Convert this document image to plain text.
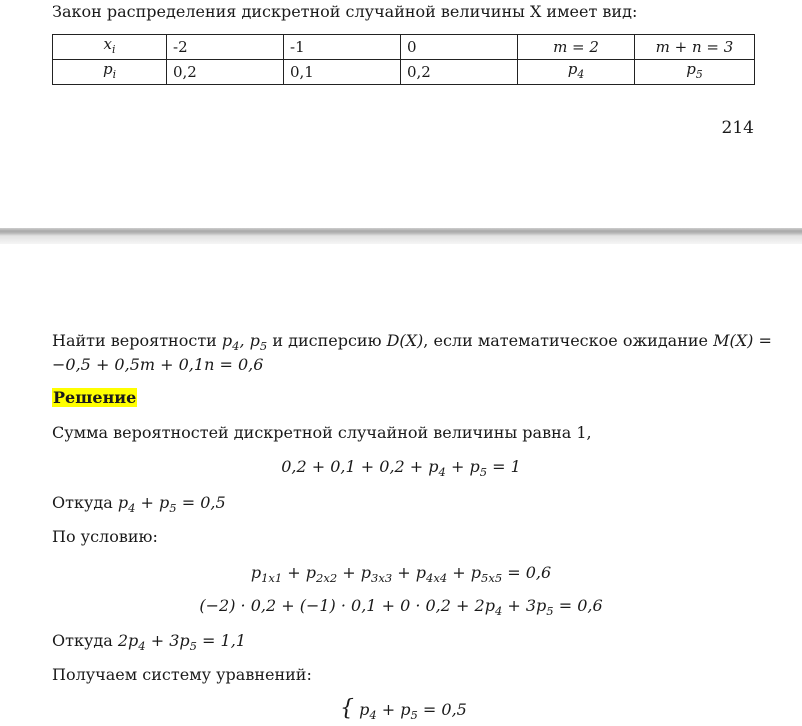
Закон распределения дискретной случайной величины Х имеет вид:
$x_i$	-2	-1	0	m = 2	m + n = 3
$p_i$	0,2	0,1	0,2	$p_4$	$p_5$
214
Найти вероятности $p_4$, $p_5$ и дисперсию D(X), если математическое ожидание M(X) =
−0,5 + 0,5m + 0,1n = 0,6
Решение
Сумма вероятностей дискретной случайной величины равна 1,
$0,2 + 0,1 + 0,2 + p_4 + p_5 = 1$
Откуда $p_4 + p_5 = 0,5$
По условию:
$p_{1x1} + p_{2x2} + p_{3x3} + p_{4x4} + p_{5x5} = 0,6$
$(-2) \cdot 0,2 + (-1) \cdot 0,1 + 0 \cdot 0,2 + 2p_4 + 3p_5 = 0,6$
Откуда $2p_4 + 3p_5 = 1,1$
Получаем систему уравнений:
{ $p_4 + p_5 = 0,5$
